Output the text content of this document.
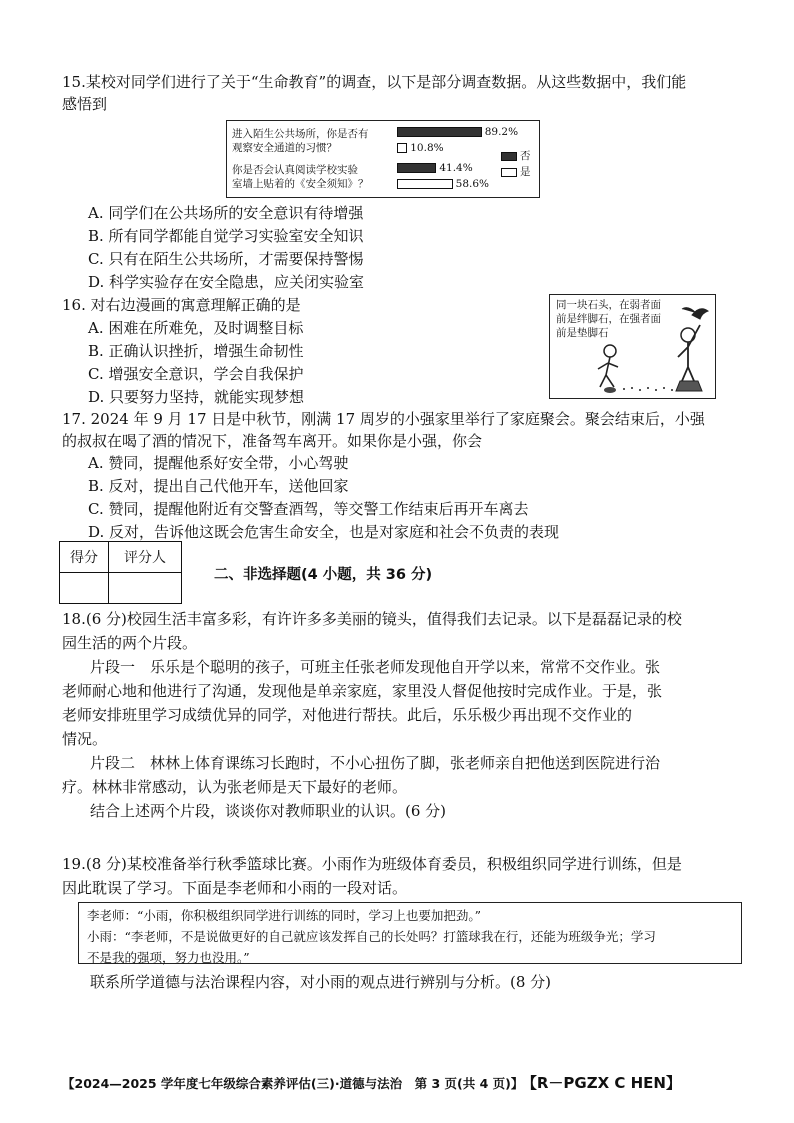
15.某校对同学们进行了关于“生命教育”的调查，以下是部分调查数据。从这些数据中，我们能
感悟到
进入陌生公共场所，你是否有
观察安全通道的习惯？
你是否会认真阅读学校实验
室墙上贴着的《安全须知》？
89.2%
10.8%
41.4%
58.6%
否
是
A. 同学们在公共场所的安全意识有待增强
B. 所有同学都能自觉学习实验室安全知识
C. 只有在陌生公共场所，才需要保持警惕
D. 科学实验存在安全隐患，应关闭实验室
16. 对右边漫画的寓意理解正确的是
A. 困难在所难免，及时调整目标
B. 正确认识挫折，增强生命韧性
C. 增强安全意识，学会自我保护
D. 只要努力坚持，就能实现梦想
同一块石头，在弱者面前是绊脚石，在强者面前是垫脚石
17. 2024 年 9 月 17 日是中秋节，刚满 17 周岁的小强家里举行了家庭聚会。聚会结束后，小强
的叔叔在喝了酒的情况下，准备驾车离开。如果你是小强，你会
A. 赞同，提醒他系好安全带，小心驾驶
B. 反对，提出自己代他开车，送他回家
C. 赞同，提醒他附近有交警查酒驾，等交警工作结束后再开车离去
D. 反对，告诉他这既会危害生命安全，也是对家庭和社会不负责的表现
得分	评分人

二、非选择题(4 小题，共 36 分)
18.(6 分)校园生活丰富多彩，有许许多多美丽的镜头，值得我们去记录。以下是磊磊记录的校
园生活的两个片段。
片段一　乐乐是个聪明的孩子，可班主任张老师发现他自开学以来，常常不交作业。张
老师耐心地和他进行了沟通，发现他是单亲家庭，家里没人督促他按时完成作业。于是，张
老师安排班里学习成绩优异的同学，对他进行帮扶。此后，乐乐极少再出现不交作业的
情况。
片段二　林林上体育课练习长跑时，不小心扭伤了脚，张老师亲自把他送到医院进行治
疗。林林非常感动，认为张老师是天下最好的老师。
结合上述两个片段，谈谈你对教师职业的认识。(6 分)
19.(8 分)某校准备举行秋季篮球比赛。小雨作为班级体育委员，积极组织同学进行训练，但是
因此耽误了学习。下面是李老师和小雨的一段对话。
李老师：“小雨，你积极组织同学进行训练的同时，学习上也要加把劲。”
小雨：“李老师，不是说做更好的自己就应该发挥自己的长处吗？打篮球我在行，还能为班级争光；学习
不是我的强项，努力也没用。”
联系所学道德与法治课程内容，对小雨的观点进行辨别与分析。(8 分)
【2024—2025 学年度七年级综合素养评估(三)·道德与法治　第 3 页(共 4 页)】 【R－PGZX C HEN】
